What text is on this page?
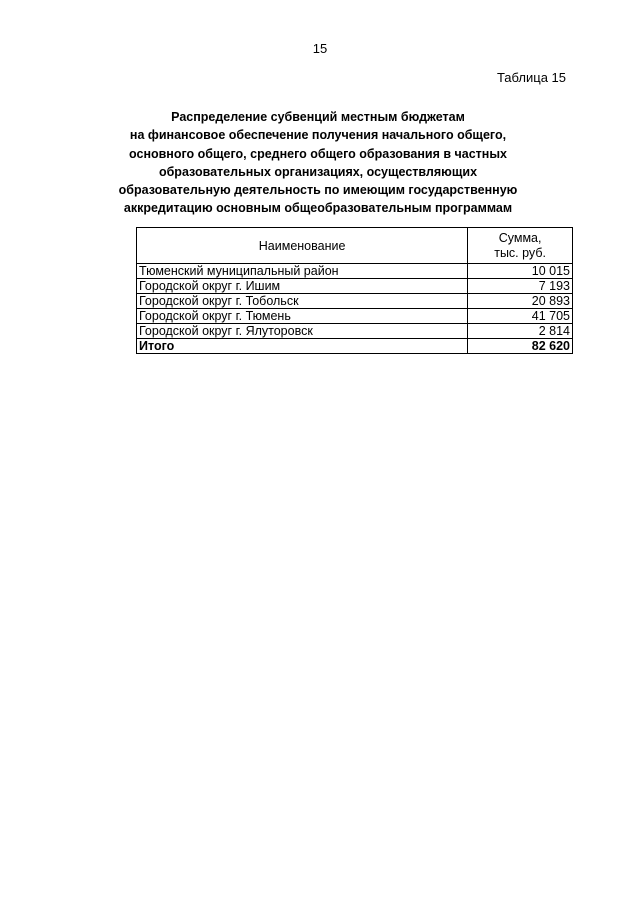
15
Таблица 15
Распределение субвенций местным бюджетам
на финансовое обеспечение получения начального общего,
основного общего, среднего общего образования в частных
образовательных организациях, осуществляющих
образовательную деятельность по имеющим государственную
аккредитацию основным общеобразовательным программам
Наименование	Сумма,
тыс. руб.

Тюменский муниципальный район	10 015
Городской округ г. Ишим	7 193
Городской округ г. Тобольск	20 893
Городской округ г. Тюмень	41 705
Городской округ г. Ялуторовск	2 814
Итого	82 620
